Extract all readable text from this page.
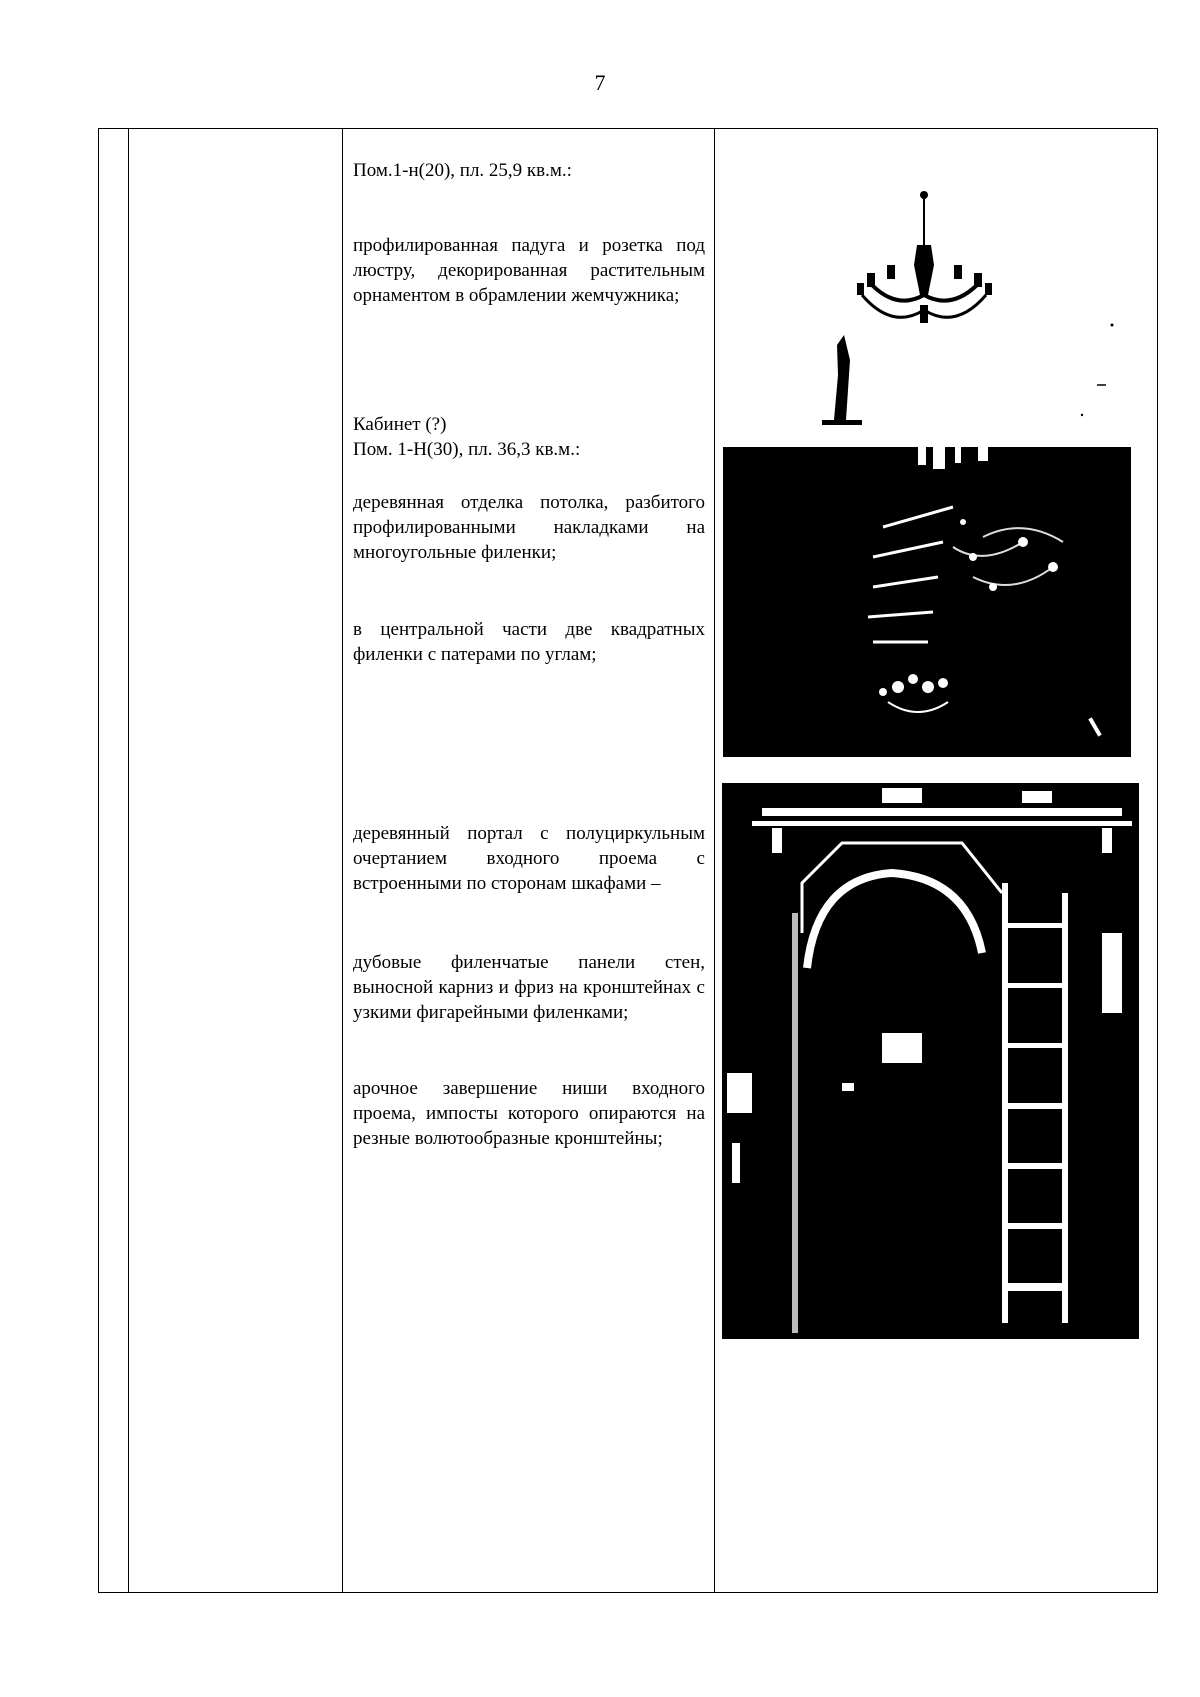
7

Пом.1-н(20), пл. 25,9 кв.м.:

профилированная падуга и розетка под люстру, декорированная растительным орнаментом в обрамлении жемчужника;

Кабинет (?)

Пом. 1-Н(30), пл. 36,3 кв.м.:

деревянная отделка потолка, разбитого профилированными накладками на многоугольные филенки;

в центральной части две квадратных филенки с патерами по углам;

деревянный портал с полуциркульным очертанием входного проема с встроенными по сторонам шкафами –

дубовые филенчатые панели стен, выносной карниз и фриз на кронштейнах с узкими фигарейными филенками;

арочное завершение ниши входного проема, импосты которого опираются на резные волютообразные кронштейны;
